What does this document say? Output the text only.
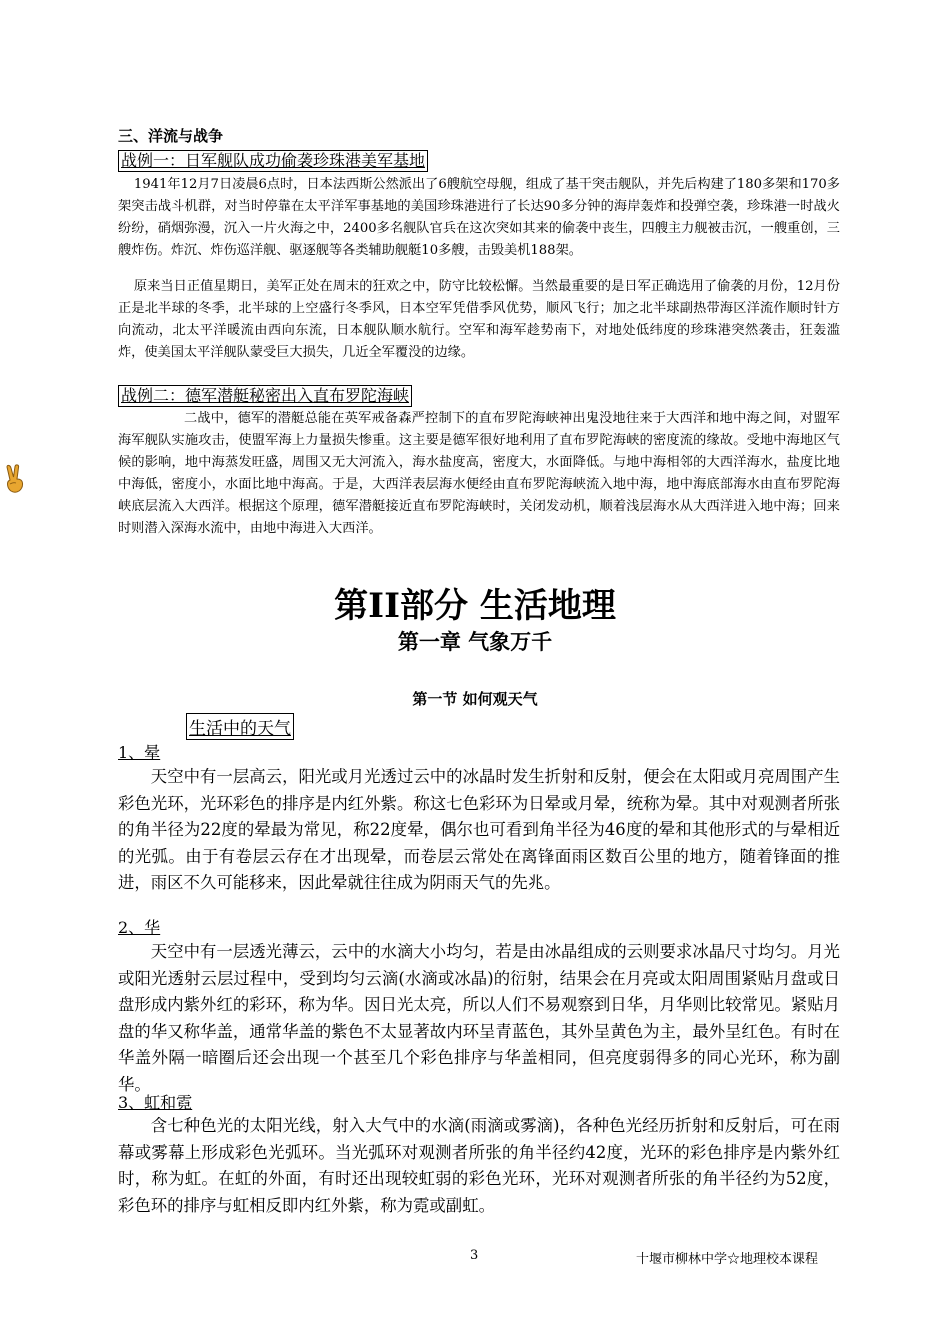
三、洋流与战争
战例一：日军舰队成功偷袭珍珠港美军基地

1941年12月7日凌晨6点时，日本法西斯公然派出了6艘航空母舰，组成了基干突击舰队，并先后构建了180多架和170多架突击战斗机群，对当时停靠在太平洋军事基地的美国珍珠港进行了长达90多分钟的海岸轰炸和投弹空袭，珍珠港一时战火纷纷，硝烟弥漫，沉入一片火海之中，2400多名舰队官兵在这次突如其来的偷袭中丧生，四艘主力舰被击沉，一艘重创，三艘炸伤。炸沉、炸伤巡洋舰、驱逐舰等各类辅助舰艇10多艘，击毁美机188架。

原来当日正值星期日，美军正处在周末的狂欢之中，防守比较松懈。当然最重要的是日军正确选用了偷袭的月份，12月份正是北半球的冬季，北半球的上空盛行冬季风，日本空军凭借季风优势，顺风飞行；加之北半球副热带海区洋流作顺时针方向流动，北太平洋暖流由西向东流，日本舰队顺水航行。空军和海军趁势南下，对地处低纬度的珍珠港突然袭击，狂轰滥炸，使美国太平洋舰队蒙受巨大损失，几近全军覆没的边缘。

战例二：德军潜艇秘密出入直布罗陀海峡

二战中，德军的潜艇总能在英军戒备森严控制下的直布罗陀海峡神出鬼没地往来于大西洋和地中海之间，对盟军海军舰队实施攻击，使盟军海上力量损失惨重。这主要是德军很好地利用了直布罗陀海峡的密度流的缘故。受地中海地区气候的影响，地中海蒸发旺盛，周围又无大河流入，海水盐度高，密度大，水面降低。与地中海相邻的大西洋海水，盐度比地中海低，密度小，水面比地中海高。于是，大西洋表层海水便经由直布罗陀海峡流入地中海，地中海底部海水由直布罗陀海峡底层流入大西洋。根据这个原理，德军潜艇接近直布罗陀海峡时，关闭发动机，顺着浅层海水从大西洋进入地中海；回来时则潜入深海水流中，由地中海进入大西洋。

第II部分 生活地理
第一章 气象万千
第一节 如何观天气
生活中的天气
1、晕

天空中有一层高云，阳光或月光透过云中的冰晶时发生折射和反射，便会在太阳或月亮周围产生彩色光环，光环彩色的排序是内红外紫。称这七色彩环为日晕或月晕，统称为晕。其中对观测者所张的角半径为22度的晕最为常见，称22度晕，偶尔也可看到角半径为46度的晕和其他形式的与晕相近的光弧。由于有卷层云存在才出现晕，而卷层云常处在离锋面雨区数百公里的地方，随着锋面的推进，雨区不久可能移来，因此晕就往往成为阴雨天气的先兆。

2、华

天空中有一层透光薄云，云中的水滴大小均匀，若是由冰晶组成的云则要求冰晶尺寸均匀。月光或阳光透射云层过程中，受到均匀云滴(水滴或冰晶)的衍射，结果会在月亮或太阳周围紧贴月盘或日盘形成内紫外红的彩环，称为华。因日光太亮，所以人们不易观察到日华，月华则比较常见。紧贴月盘的华又称华盖，通常华盖的紫色不太显著故内环呈青蓝色，其外呈黄色为主，最外呈红色。有时在华盖外隔一暗圈后还会出现一个甚至几个彩色排序与华盖相同，但亮度弱得多的同心光环，称为副华。

3、虹和霓

含七种色光的太阳光线，射入大气中的水滴(雨滴或雾滴)，各种色光经历折射和反射后，可在雨幕或雾幕上形成彩色光弧环。当光弧环对观测者所张的角半径约42度，光环的彩色排序是内紫外红时，称为虹。在虹的外面，有时还出现较虹弱的彩色光环，光环对观测者所张的角半径约为52度，彩色环的排序与虹相反即内红外紫，称为霓或副虹。

3	十堰市柳林中学☆地理校本课程
